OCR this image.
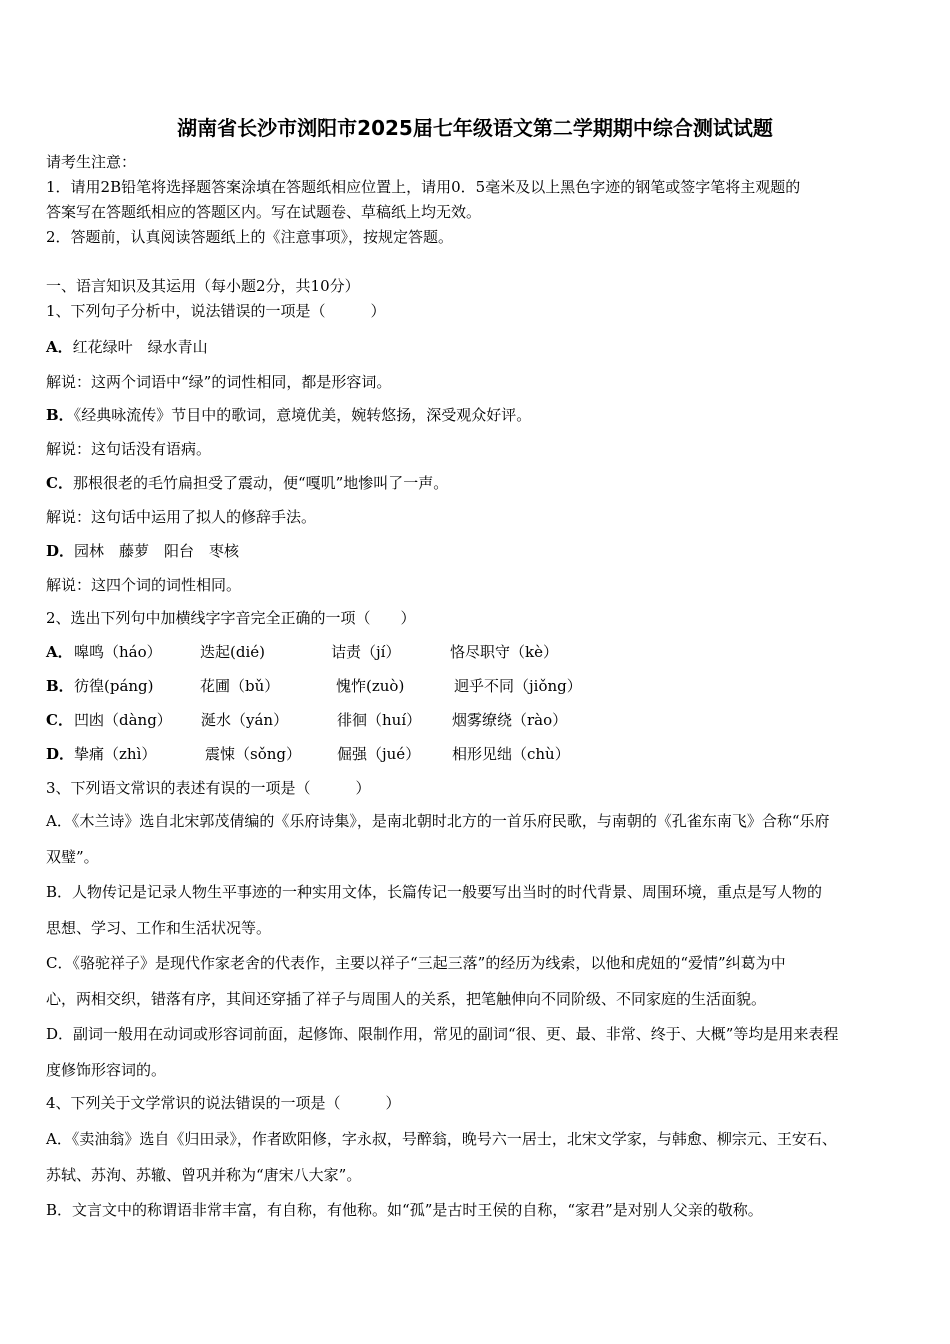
湖南省长沙市浏阳市2025届七年级语文第二学期期中综合测试试题
请考生注意：
1．请用2B铅笔将选择题答案涂填在答题纸相应位置上，请用0．5毫米及以上黑色字迹的钢笔或签字笔将主观题的
答案写在答题纸相应的答题区内。写在试题卷、草稿纸上均无效。
2．答题前，认真阅读答题纸上的《注意事项》，按规定答题。
一、语言知识及其运用（每小题2分，共10分）
1、下列句子分析中，说法错误的一项是（　　　）
A．红花绿叶　绿水青山
解说：这两个词语中“绿”的词性相同，都是形容词。
B．《经典咏流传》节目中的歌词，意境优美，婉转悠扬，深受观众好评。
解说：这句话没有语病。
C．那根很老的毛竹扁担受了震动，便“嘎叽”地惨叫了一声。
解说：这句话中运用了拟人的修辞手法。
D．园林　藤萝　阳台　枣核
解说：这四个词的词性相同。
2、选出下列句中加横线字字音完全正确的一项（　　）
A． 嗥鸣（háo）	迭起(dié)	诘责（jí）	恪尽职守（kè）
B． 彷徨(páng)	花圃（bǔ）	愧怍(zuò)	迥乎不同（jiǒng）
C． 凹凼（dàng） 涎水（yán）	徘徊（huí） 烟雾缭绕（rào）
D． 挚痛（zhì）	震悚（sǒng） 倔强（jué） 相形见绌（chù）
3、下列语文常识的表述有误的一项是（　　　）
A．《木兰诗》选自北宋郭茂倩编的《乐府诗集》，是南北朝时北方的一首乐府民歌，与南朝的《孔雀东南飞》合称“乐府
双璧”。
B．人物传记是记录人物生平事迹的一种实用文体，长篇传记一般要写出当时的时代背景、周围环境，重点是写人物的
思想、学习、工作和生活状况等。
C．《骆驼祥子》是现代作家老舍的代表作，主要以祥子“三起三落”的经历为线索，以他和虎妞的“爱情”纠葛为中
心，两相交织，错落有序，其间还穿插了祥子与周围人的关系，把笔触伸向不同阶级、不同家庭的生活面貌。
D．副词一般用在动词或形容词前面，起修饰、限制作用，常见的副词“很、更、最、非常、终于、大概”等均是用来表程
度修饰形容词的。
4、下列关于文学常识的说法错误的一项是（　　　）
A．《卖油翁》选自《归田录》，作者欧阳修，字永叔，号醉翁，晚号六一居士，北宋文学家，与韩愈、柳宗元、王安石、
苏轼、苏洵、苏辙、曾巩并称为“唐宋八大家”。
B．文言文中的称谓语非常丰富，有自称，有他称。如“孤”是古时王侯的自称，“家君”是对别人父亲的敬称。
